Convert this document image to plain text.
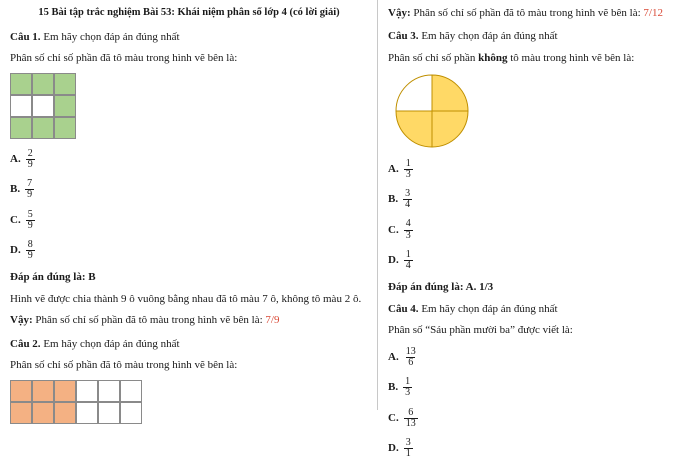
15 Bài tập trắc nghiệm Bài 53: Khái niệm phân số lớp 4 (có lời giải)
Câu 1. Em hãy chọn đáp án đúng nhất
Phân số chỉ số phần đã tô màu trong hình vẽ bên là:
A. $\frac{2}{9}$
B. $\frac{7}{9}$
C. $\frac{5}{9}$
D. $\frac{8}{9}$
Đáp án đúng là: B
Hình vẽ được chia thành 9 ô vuông bằng nhau đã tô màu 7 ô, không tô màu 2 ô.
Vậy: Phân số chỉ số phần đã tô màu trong hình vẽ bên là: 7/9
Câu 2. Em hãy chọn đáp án đúng nhất
Phân số chỉ số phần đã tô màu trong hình vẽ bên là:
Vậy: Phân số chỉ số phần đã tô màu trong hình vẽ bên là: 7/12
Câu 3. Em hãy chọn đáp án đúng nhất
Phân số chỉ số phần không tô màu trong hình vẽ bên là:
A. $\frac{1}{3}$
B. $\frac{3}{4}$
C. $\frac{4}{3}$
D. $\frac{1}{4}$
Đáp án đúng là: A. 1/3
Câu 4. Em hãy chọn đáp án đúng nhất
Phân số “Sáu phần mười ba” được viết là:
A. $\frac{13}{6}$
B. $\frac{1}{3}$
C. $\frac{6}{13}$
D. $\frac{3}{1}$
